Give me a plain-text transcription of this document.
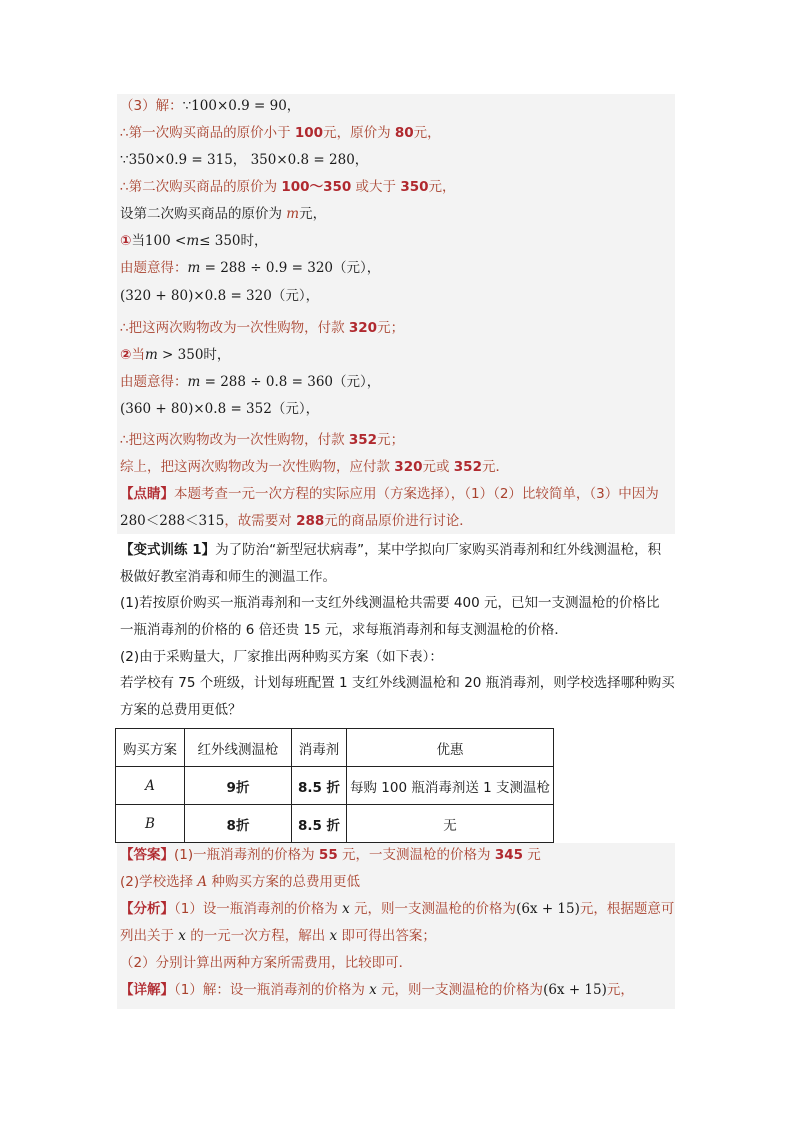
（3）解：∵100×0.9 = 90，
∴第一次购买商品的原价小于 100元，原价为 80元，
∵350×0.9 = 315， 350×0.8 = 280，
∴第二次购买商品的原价为 100～350 或大于 350元，
设第二次购买商品的原价为 m元，
①当100 <m≤ 350时，
由题意得：m = 288 ÷ 0.9 = 320（元），
(320 + 80)×0.8 = 320（元），
∴把这两次购物改为一次性购物，付款 320元；
②当m > 350时，
由题意得：m = 288 ÷ 0.8 = 360（元），
(360 + 80)×0.8 = 352（元），
∴把这两次购物改为一次性购物，付款 352元；
综上，把这两次购物改为一次性购物，应付款 320元或 352元．
【点睛】本题考查一元一次方程的实际应用（方案选择），（1）（2）比较简单，（3）中因为
280＜288＜315，故需要对 288元的商品原价进行讨论．
【变式训练 1】为了防治“新型冠状病毒”，某中学拟向厂家购买消毒剂和红外线测温枪，积
极做好教室消毒和师生的测温工作。
(1)若按原价购买一瓶消毒剂和一支红外线测温枪共需要 400 元，已知一支测温枪的价格比
一瓶消毒剂的价格的 6 倍还贵 15 元，求每瓶消毒剂和每支测温枪的价格．
(2)由于采购量大，厂家推出两种购买方案（如下表）：
若学校有 75 个班级，计划每班配置 1 支红外线测温枪和 20 瓶消毒剂，则学校选择哪种购买
方案的总费用更低？
购买方案	红外线测温枪	消毒剂	优惠
A	9折	8.5 折	每购 100 瓶消毒剂送 1 支测温枪
B	8折	8.5 折	无
【答案】(1)一瓶消毒剂的价格为 55 元，一支测温枪的价格为 345 元
(2)学校选择 A 种购买方案的总费用更低
【分析】（1）设一瓶消毒剂的价格为 x 元，则一支测温枪的价格为(6x + 15)元，根据题意可
列出关于 x 的一元一次方程，解出 x 即可得出答案；
（2）分别计算出两种方案所需费用，比较即可．
【详解】（1）解：设一瓶消毒剂的价格为 x 元，则一支测温枪的价格为(6x + 15)元，
